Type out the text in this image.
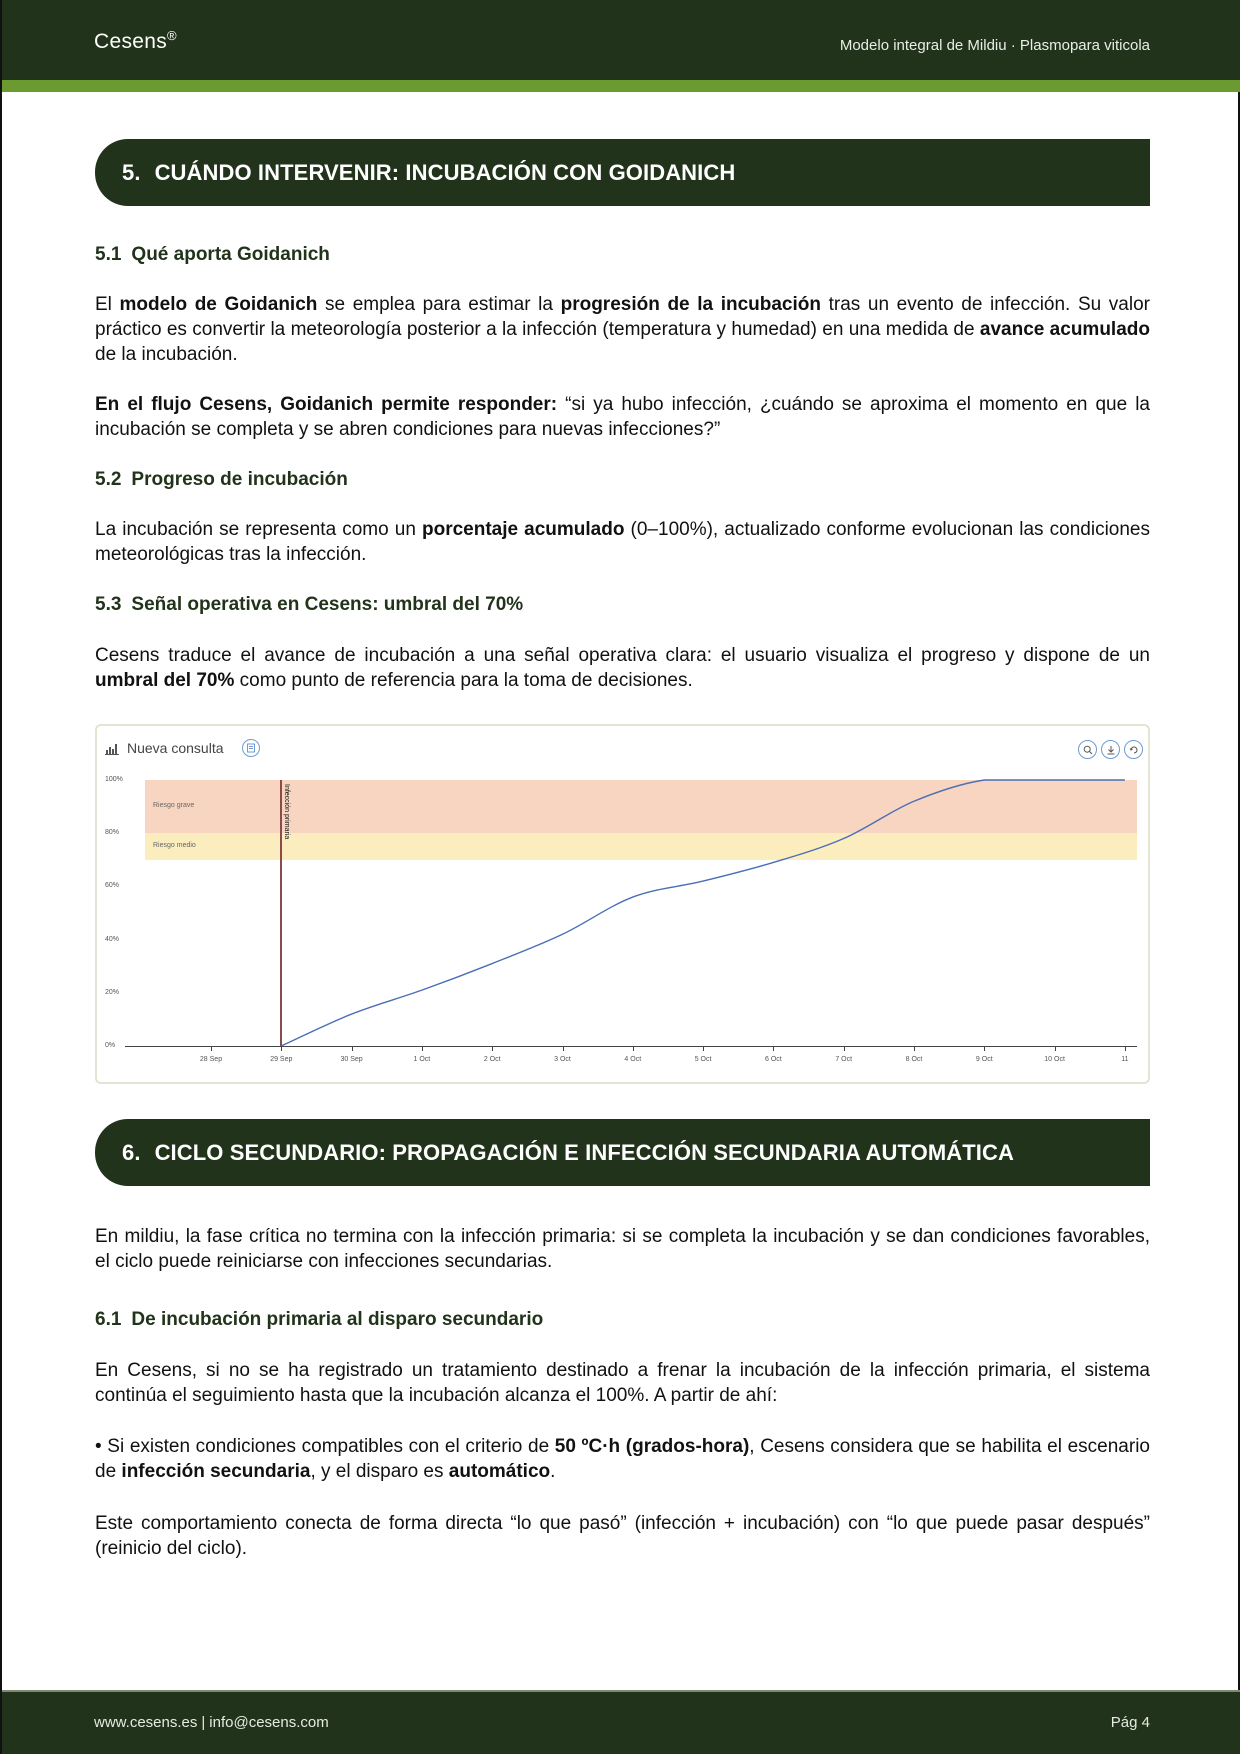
Cesens®
Modelo integral de Mildiu · Plasmopara viticola
5. CUÁNDO INTERVENIR: INCUBACIÓN CON GOIDANICH
5.1 Qué aporta Goidanich
El modelo de Goidanich se emplea para estimar la progresión de la incubación tras un evento de infección. Su valor práctico es convertir la meteorología posterior a la infección (temperatura y humedad) en una medida de avance acumulado de la incubación.
En el flujo Cesens, Goidanich permite responder: “si ya hubo infección, ¿cuándo se aproxima el momento en que la incubación se completa y se abren condiciones para nuevas infecciones?”
5.2 Progreso de incubación
La incubación se representa como un porcentaje acumulado (0–100%), actualizado conforme evolucionan las condiciones meteorológicas tras la infección.
5.3 Señal operativa en Cesens: umbral del 70%
Cesens traduce el avance de incubación a una señal operativa clara: el usuario visualiza el progreso y dispone de un umbral del 70% como punto de referencia para la toma de decisiones.
Nueva consulta
Riesgo grave
Riesgo medio
100%
80%
60%
40%
20%
0%
28 Sep	29 Sep	30 Sep	1 Oct	2 Oct	3 Oct	4 Oct	5 Oct	6 Oct	7 Oct	8 Oct	9 Oct	10 Oct	11
Infección primaria
6. CICLO SECUNDARIO: PROPAGACIÓN E INFECCIÓN SECUNDARIA AUTOMÁTICA
En mildiu, la fase crítica no termina con la infección primaria: si se completa la incubación y se dan condiciones favorables, el ciclo puede reiniciarse con infecciones secundarias.
6.1 De incubación primaria al disparo secundario
En Cesens, si no se ha registrado un tratamiento destinado a frenar la incubación de la infección primaria, el sistema continúa el seguimiento hasta que la incubación alcanza el 100%. A partir de ahí:
• Si existen condiciones compatibles con el criterio de 50 ºC·h (grados-hora), Cesens considera que se habilita el escenario de infección secundaria, y el disparo es automático.
Este comportamiento conecta de forma directa “lo que pasó” (infección + incubación) con “lo que puede pasar después” (reinicio del ciclo).
www.cesens.es | info@cesens.com	Pág 4
